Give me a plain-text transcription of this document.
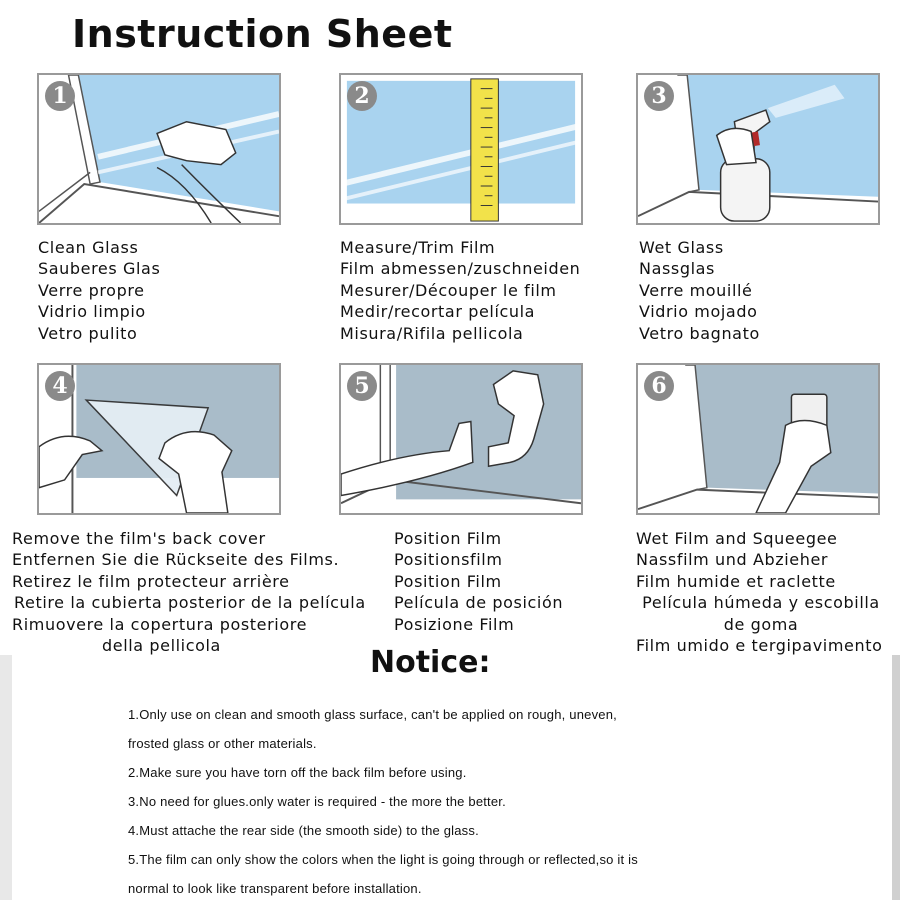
Instruction Sheet
1
Clean Glass
Sauberes Glas
Verre propre
Vidrio limpio
Vetro pulito
2
Measure/Trim Film
Film abmessen/zuschneiden
Mesurer/Découper le film
Medir/recortar película
Misura/Rifila pellicola
3
Wet Glass
Nassglas
Verre mouillé
Vidrio mojado
Vetro bagnato
4
Remove the film's back cover
Entfernen Sie die Rückseite des Films.
Retirez le film protecteur arrière
Retire la cubierta posterior de la película
Rimuovere la copertura posteriore
della pellicola
5
Position Film
Positionsfilm
Position Film
Película de posición
Posizione Film
6
Wet Film and Squeegee
Nassfilm und Abzieher
Film humide et raclette
Película húmeda y escobilla
de goma
Film umido e tergipavimento
Notice:
1.Only use on clean and smooth glass surface, can't be applied on rough, uneven,
frosted glass or other materials.
2.Make sure you have torn off the back film before using.
3.No need for glues.only water is required - the more the better.
4.Must attache the rear side (the smooth side) to the glass.
5.The film can only show the colors when the light is going through or reflected,so it is
normal to look like transparent before installation.
